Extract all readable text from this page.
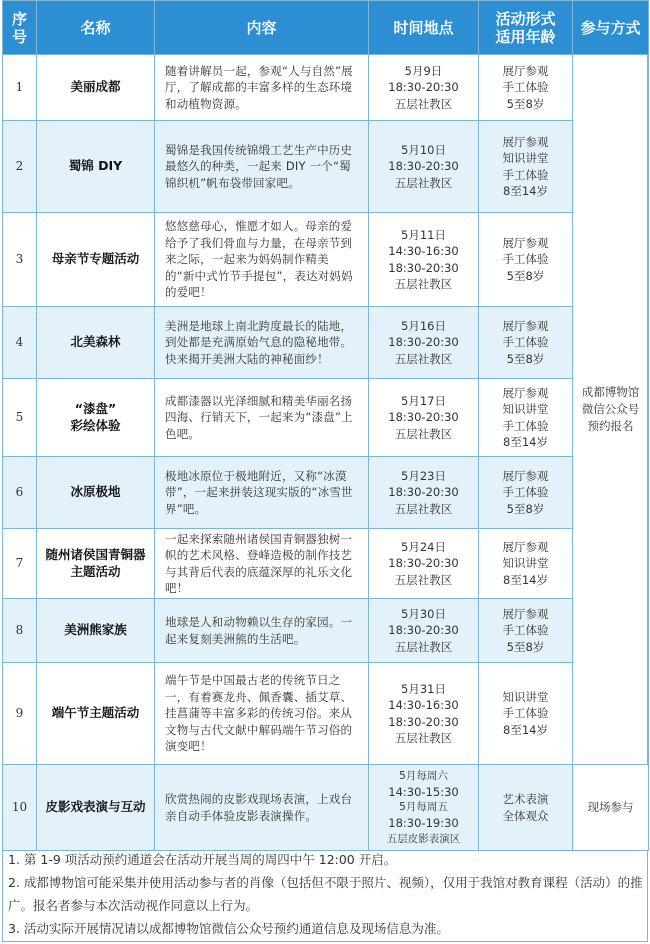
序
号	名称	内容	时间地点	活动形式
适用年龄	参与方式
1	美丽成都	随着讲解员一起，参观“人与自然”展厅，了解成都的丰富多样的生态环境和动植物资源。	5月9日
18:30-20:30
五层社教区	展厅参观
手工体验
5至8岁	成都博物馆
微信公众号
预约报名
2	蜀锦 DIY	蜀锦是我国传统锦缎工艺生产中历史最悠久的种类，一起来 DIY 一个“蜀锦织机”帆布袋带回家吧。	5月10日
18:30-20:30
五层社教区	展厅参观
知识讲堂
手工体验
8至14岁	

3	母亲节专题活动	悠悠慈母心，惟愿才如人。母亲的爱给予了我们骨血与力量，在母亲节到来之际，一起来为妈妈制作精美的“新中式竹节手提包”，表达对妈妈的爱吧！	5月11日
14:30-16:30
18:30-20:30
五层社教区	展厅参观
手工体验
5至8岁	

4	北美森林	美洲是地球上南北跨度最长的陆地，到处都是充满原始气息的隐秘地带。快来揭开美洲大陆的神秘面纱！	5月16日
18:30-20:30
五层社教区	展厅参观
手工体验
5至8岁	

5	“漆盘”
彩绘体验	成都漆器以光泽细腻和精美华丽名扬四海、行销天下，一起来为“漆盘”上色吧。	5月17日
18:30-20:30
五层社教区	展厅参观
知识讲堂
手工体验
8至14岁	

6	冰原极地	极地冰原位于极地附近，又称“冰漠带”，一起来拼装这现实版的“冰雪世界”吧。	5月23日
18:30-20:30
五层社教区	展厅参观
手工体验
5至8岁	

7	随州诸侯国青铜器
主题活动	一起来探索随州诸侯国青铜器独树一帜的艺术风格、登峰造极的制作技艺与其背后代表的底蕴深厚的礼乐文化吧！	5月24日
18:30-20:30
五层社教区	展厅参观
知识讲堂
8至14岁	

8	美洲熊家族	地球是人和动物赖以生存的家园。一起来复刻美洲熊的生活吧。	5月30日
18:30-20:30
五层社教区	展厅参观
手工体验
5至8岁	

9	端午节主题活动	端午节是中国最古老的传统节日之一，有着赛龙舟、佩香囊、插艾草、挂菖蒲等丰富多彩的传统习俗。来从文物与古代文献中解码端午节习俗的演变吧！	5月31日
14:30-16:30
18:30-20:30
五层社教区	知识讲堂
手工体验
8至14岁	

10	皮影戏表演与互动	欣赏热闹的皮影戏现场表演，上戏台亲自动手体验皮影表演操作。	5月每周六
14:30-15:30
5月每周五
18:30-19:30
五层皮影表演区	艺术表演
全体观众	现场参与

1. 第 1-9 项活动预约通道会在活动开展当周的周四中午 12:00 开启。

2. 成都博物馆可能采集并使用活动参与者的肖像（包括但不限于照片、视频），仅用于我馆对教育课程（活动）的推广。报名者参与本次活动视作同意以上行为。

3. 活动实际开展情况请以成都博物馆微信公众号预约通道信息及现场信息为准。
